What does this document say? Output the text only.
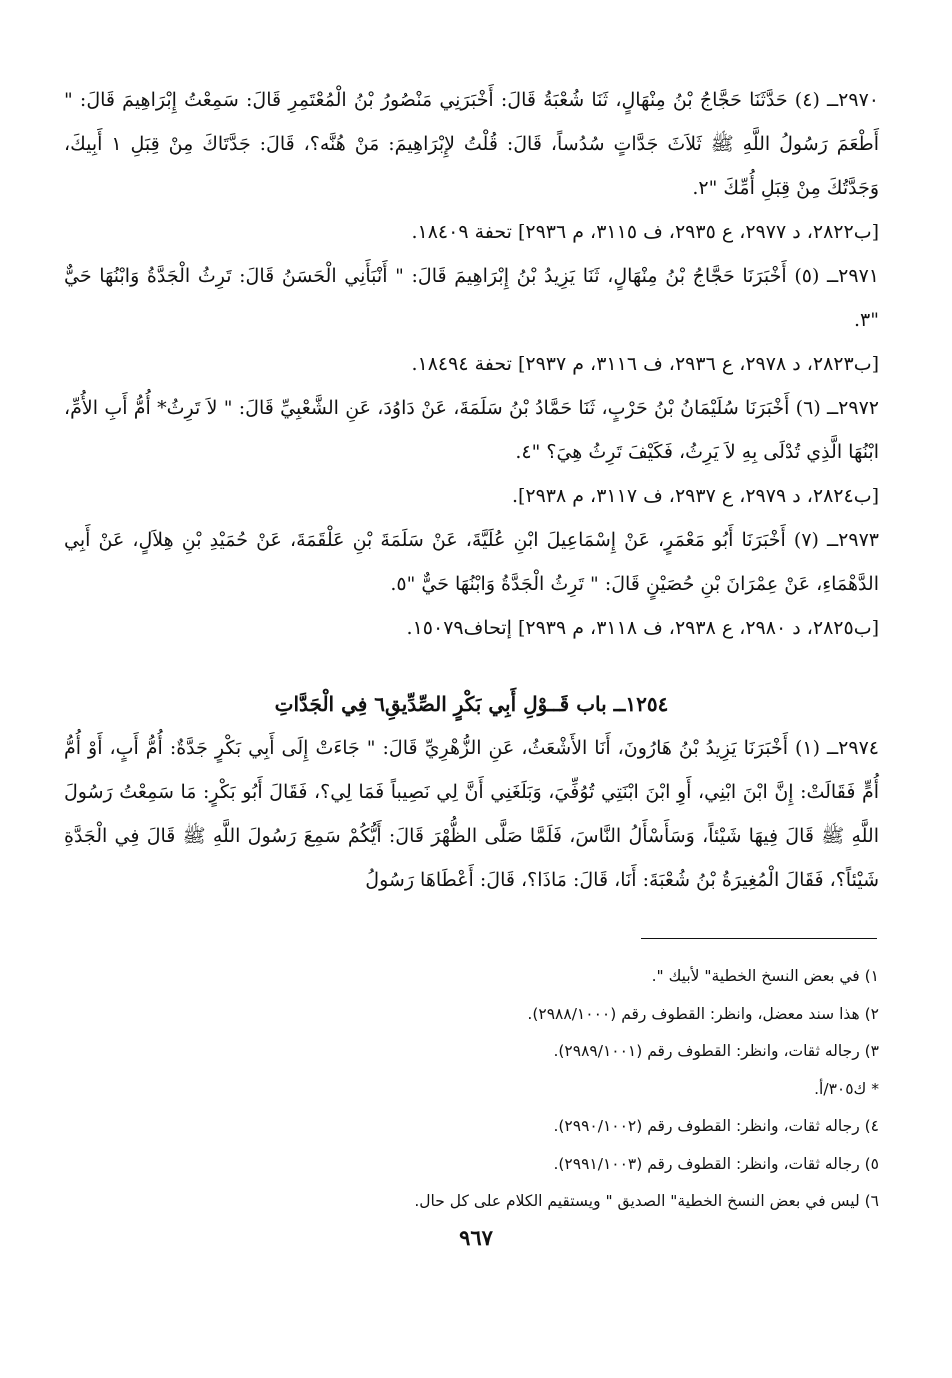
٢٩٧٠ــ (٤) حَدَّثَنَا حَجَّاجُ بْنُ مِنْهَالٍ، ثَنَا شُعْبَةُ قَالَ: أَخْبَرَنِي مَنْصُورُ بْنُ الْمُعْتَمِرِ قَالَ: سَمِعْتُ إِبْرَاهِيمَ قَالَ: " أَطْعَمَ رَسُولُ اللَّهِ ﷺ ثَلاَثَ جَدَّاتٍ سُدُساً، قَالَ: قُلْتُ لإِبْرَاهِيمَ: مَنْ هُنَّه؟، قَالَ: جَدَّتَاكَ مِنْ قِبَلِ ١ أَبِيكَ، وَجَدَّتُكَ مِنْ قِبَلِ أُمِّكَ "٢.

[ب٢٨٢٢، د ٢٩٧٧، ع ٢٩٣٥، ف ٣١١٥، م ٢٩٣٦] تحفة ١٨٤٠٩.

٢٩٧١ــ (٥) أَخْبَرَنَا حَجَّاجُ بْنُ مِنْهَالٍ، ثَنَا يَزِيدُ بْنُ إِبْرَاهِيمَ قَالَ: " أَنْبَأَنِي الْحَسَنُ قَالَ: تَرِثُ الْجَدَّةُ وَابْنُهَا حَيٌّ "٣.

[ب٢٨٢٣، د ٢٩٧٨، ع ٢٩٣٦، ف ٣١١٦، م ٢٩٣٧] تحفة ١٨٤٩٤.

٢٩٧٢ــ (٦) أَخْبَرَنَا سُلَيْمَانُ بْنُ حَرْبٍ، ثَنَا حَمَّادُ بْنُ سَلَمَةَ، عَنْ دَاوُدَ، عَنِ الشَّعْبِيِّ قَالَ: " لاَ تَرِثُ* أُمُّ أَبِ الأُمِّ، ابْنُهَا الَّذِي تُدْلَى بِهِ لاَ يَرِثُ، فَكَيْفَ تَرِثُ هِيَ؟ "٤.

[ب٢٨٢٤، د ٢٩٧٩، ع ٢٩٣٧، ف ٣١١٧، م ٢٩٣٨].

٢٩٧٣ــ (٧) أَخْبَرَنَا أَبُو مَعْمَرٍ، عَنْ إِسْمَاعِيلَ ابْنِ عُلَيَّةَ، عَنْ سَلَمَةَ بْنِ عَلْقَمَةَ، عَنْ حُمَيْدِ بْنِ هِلاَلٍ، عَنْ أَبِي الدَّهْمَاءِ، عَنْ عِمْرَانَ بْنِ حُصَيْنٍ قَالَ: " تَرِثُ الْجَدَّةُ وَابْنُهَا حَيٌّ "٥.

[ب٢٨٢٥، د ٢٩٨٠، ع ٢٩٣٨، ف ٣١١٨، م ٢٩٣٩] إتحاف١٥٠٧٩.

١٢٥٤ــ باب قَــوْلِ أَبِي بَكْرٍ الصِّدِّيقِ٦ فِي الْجَدَّاتِ

٢٩٧٤ــ (١) أَخْبَرَنَا يَزِيدُ بْنُ هَارُونَ، أَنَا الأَشْعَثُ، عَنِ الزُّهْرِيِّ قَالَ: " جَاءَتْ إِلَى أَبِي بَكْرٍ جَدَّةٌ: أُمُّ أَبٍ، أَوْ أُمُّ أُمٍّ فَقَالَتْ: إِنَّ ابْنَ ابْنِي، أَوِ ابْنَ ابْنَتِي تُوُفِّيَ، وَبَلَغَنِي أَنَّ لِي نَصِيباً فَمَا لِي؟، فَقَالَ أَبُو بَكْرٍ: مَا سَمِعْتُ رَسُولَ اللَّهِ ﷺ قَالَ فِيهَا شَيْئاً، وَسَأَسْأَلُ النَّاسَ، فَلَمَّا صَلَّى الظُّهْرَ قَالَ: أَيُّكُمْ سَمِعَ رَسُولَ اللَّهِ ﷺ قَالَ فِي الْجَدَّةِ شَيْئاً؟، فَقَالَ الْمُغِيرَةُ بْنُ شُعْبَةَ: أَنَا، قَالَ: مَاذَا؟، قَالَ: أَعْطَاهَا رَسُولُ

١) في بعض النسخ الخطية" لأبيك ".

٢) هذا سند معضل، وانظر: القطوف رقم (٢٩٨٨/١٠٠٠).

٣) رجاله ثقات، وانظر: القطوف رقم (٢٩٨٩/١٠٠١).

* ك٣٠٥/أ.

٤) رجاله ثقات، وانظر: القطوف رقم (٢٩٩٠/١٠٠٢).

٥) رجاله ثقات، وانظر: القطوف رقم (٢٩٩١/١٠٠٣).

٦) ليس في بعض النسخ الخطية" الصديق " ويستقيم الكلام على كل حال.

٩٦٧
